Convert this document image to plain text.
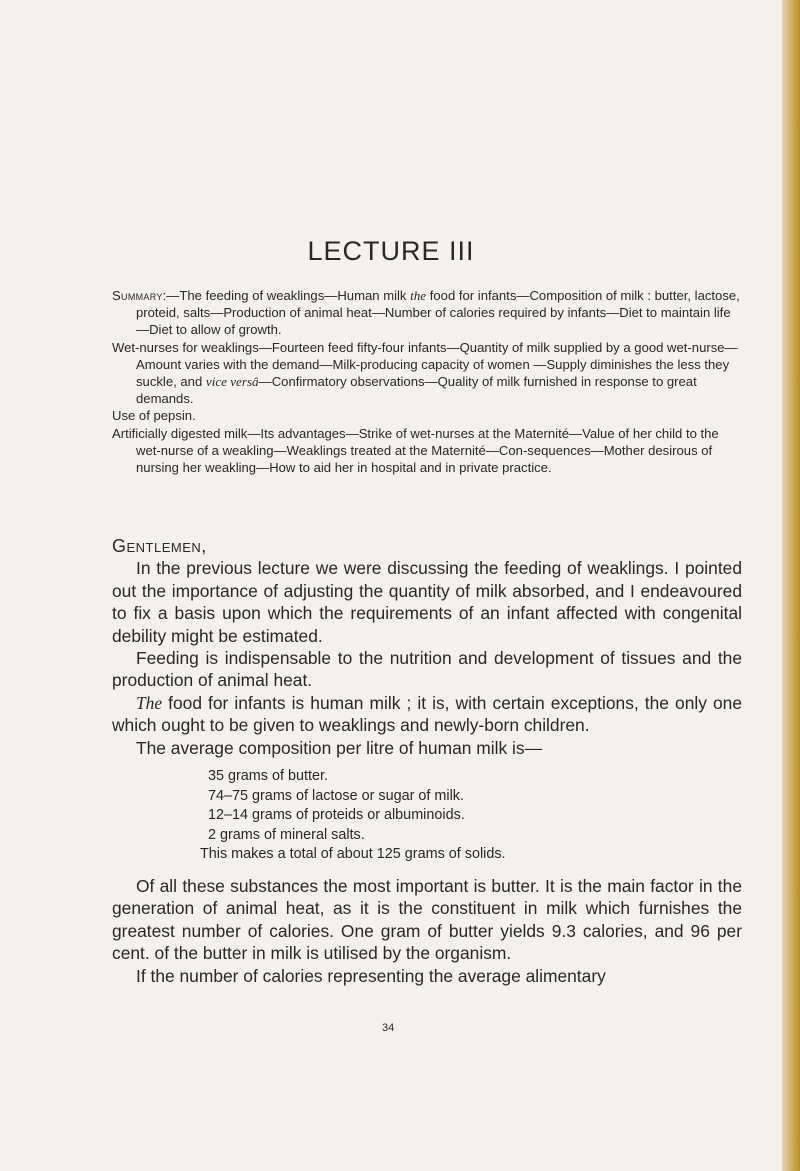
LECTURE III

Summary:—The feeding of weaklings—Human milk the food for infants—Composition of milk : butter, lactose, proteid, salts—Production of animal heat—Number of calories required by infants—Diet to maintain life—Diet to allow of growth.

Wet-nurses for weaklings—Fourteen feed fifty-four infants—Quantity of milk supplied by a good wet-nurse—Amount varies with the demand—Milk-producing capacity of women —Supply diminishes the less they suckle, and vice versâ—Confirmatory observations—Quality of milk furnished in response to great demands.

Use of pepsin.

Artificially digested milk—Its advantages—Strike of wet-nurses at the Maternité—Value of her child to the wet-nurse of a weakling—Weaklings treated at the Maternité—Con-sequences—Mother desirous of nursing her weakling—How to aid her in hospital and in private practice.

Gentlemen,

In the previous lecture we were discussing the feeding of weaklings. I pointed out the importance of adjusting the quantity of milk absorbed, and I endeavoured to fix a basis upon which the requirements of an infant affected with congenital debility might be estimated.

Feeding is indispensable to the nutrition and development of tissues and the production of animal heat.

The food for infants is human milk ; it is, with certain exceptions, the only one which ought to be given to weaklings and newly-born children.

The average composition per litre of human milk is—

35 grams of butter.
74–75 grams of lactose or sugar of milk.
12–14 grams of proteids or albuminoids.
2 grams of mineral salts.
This makes a total of about 125 grams of solids.

Of all these substances the most important is butter. It is the main factor in the generation of animal heat, as it is the constituent in milk which furnishes the greatest number of calories. One gram of butter yields 9.3 calories, and 96 per cent. of the butter in milk is utilised by the organism.

If the number of calories representing the average alimentary

34
